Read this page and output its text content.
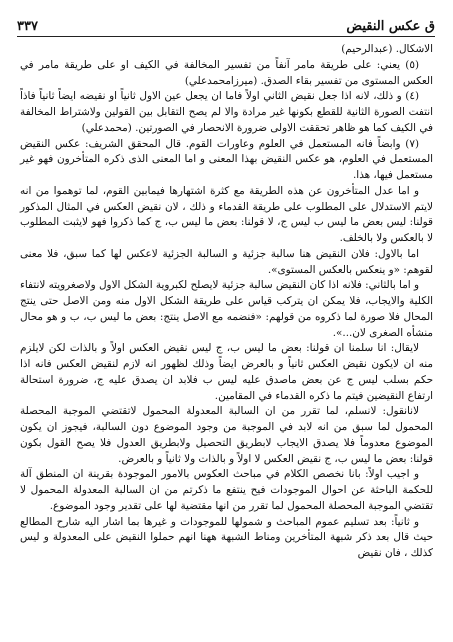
ق عكس النقيض
٣٣٧

الاشكال. (عبدالرحيم)

(٥) يعني: على طريقة مامر آنفاً من تفسير المخالفة في الكيف او على طريقة مامر في العكس المستوى من تفسير بقاء الصدق. (ميرزامحمدعلي)

(٤) و ذلك، لانه اذا جعل نقيض الثاني اولاً فاما ان يجعل عين الاول ثانياً او نقيضه ايضاً ثانياً فاذاً انتفت الصورة الثانية للقطع بكونها غير مرادة والا لم يصح التقابل بين القولين ولاشتراط المخالفة في الكيف كما هو ظاهر تحققت الاولى ضرورة الانحصار في الصورتين. (محمدعلي)

(٧) وابضاً فانه المستعمل في العلوم وعاورات القوم. قال المحقق الشريف: عكس النقيض المستعمل في العلوم، هو عكس النقيض بهذا المعنى و اما المعنى الذى ذكره المتأخرون فهو غير مستعمل فيها، هذا.

و اما عدل المتأخرون عن هذه الطريقة مع كثرة اشتهارها فيمابين القوم، لما توهموا من انه لايتم الاستدلال على المطلوب على طريقة القدماء و ذلك ، لان نقيض العكس في المثال المذكور قولنا: ليس بعض ما ليس ب ليس ج، لا قولنا: بعض ما ليس ب، ج كما ذكروا فهو لايثبت المطلوب لا بالعكس ولا بالخلف.

اما بالاول: فلان النقيض هنا سالبة جزئية و السالبة الجزئية لاعكس لها كما سبق، فلا معنى لقوهم: «و ينعكس بالعكس المستوى».

و اما بالثاني: فلانه اذا كان النقيض سالبة جزئية لايصلح لكبروية الشكل الاول ولاصغرويته لانتفاء الكلية والايجاب، فلا يمكن ان يتركب قياس على طريقة الشكل الاول منه ومن الاصل حتى ينتج المحال فلا صورة لما ذكروه من قولهم: «فنضمه مع الاصل ينتج: بعض ما ليس ب، ب و هو محال منشأه الصغرى لان...».

لايقال: انا سلمنا ان قولنا: بعض ما ليس ب، ج ليس نقيض العكس اولاً و بالذات لكن لايلزم منه ان لايكون نقيض العكس ثانياً و بالعرض ايضاً وذلك لظهور انه لازم لنقيض العكس فانه اذا حكم بسلب ليس ج عن بعض ماصدق عليه ليس ب فلابد ان يصدق عليه ج، ضرورة استحالة ارتفاع النقيضين فيتم ما ذكره القدماء في المقامين.

لانانقول: لانسلم، لما تقرر من ان السالبة المعدولة المحمول لاتقتضي الموجبة المحصلة المحمول لما سبق من انه لابد في الموجبة من وجود الموضوع دون السالبة، فيجوز ان يكون الموضوع معدوماً فلا يصدق الايجاب لابطريق التحصيل ولابطريق العدول فلا يصح القول بكون قولنا: بعض ما ليس ب، ج نقيض العكس لا اولاً و بالذات ولا ثانياً و بالعرض.

و اجيب اولاً: بانا نخصص الكلام في مباحث العكوس بالامور الموجودة بقرينة ان المنطق آلة للحكمة الباحثة عن احوال الموجودات فيح ينتفع ما ذكرتم من ان السالبة المعدولة المحمول لا تقتضي الموجبة المحصلة المحمول لما تقرر من انها مقتضية لها على تقدير وجود الموضوع.

و ثانياً: بعد تسليم عموم المباحث و شمولها للموجودات و غيرها بما اشار اليه شارح المطالع حيث قال بعد ذكر شبهة المتأخرين ومناط الشبهة ههنا انهم حملوا النقيض على المعدولة و ليس كذلك ، فان نقيض
